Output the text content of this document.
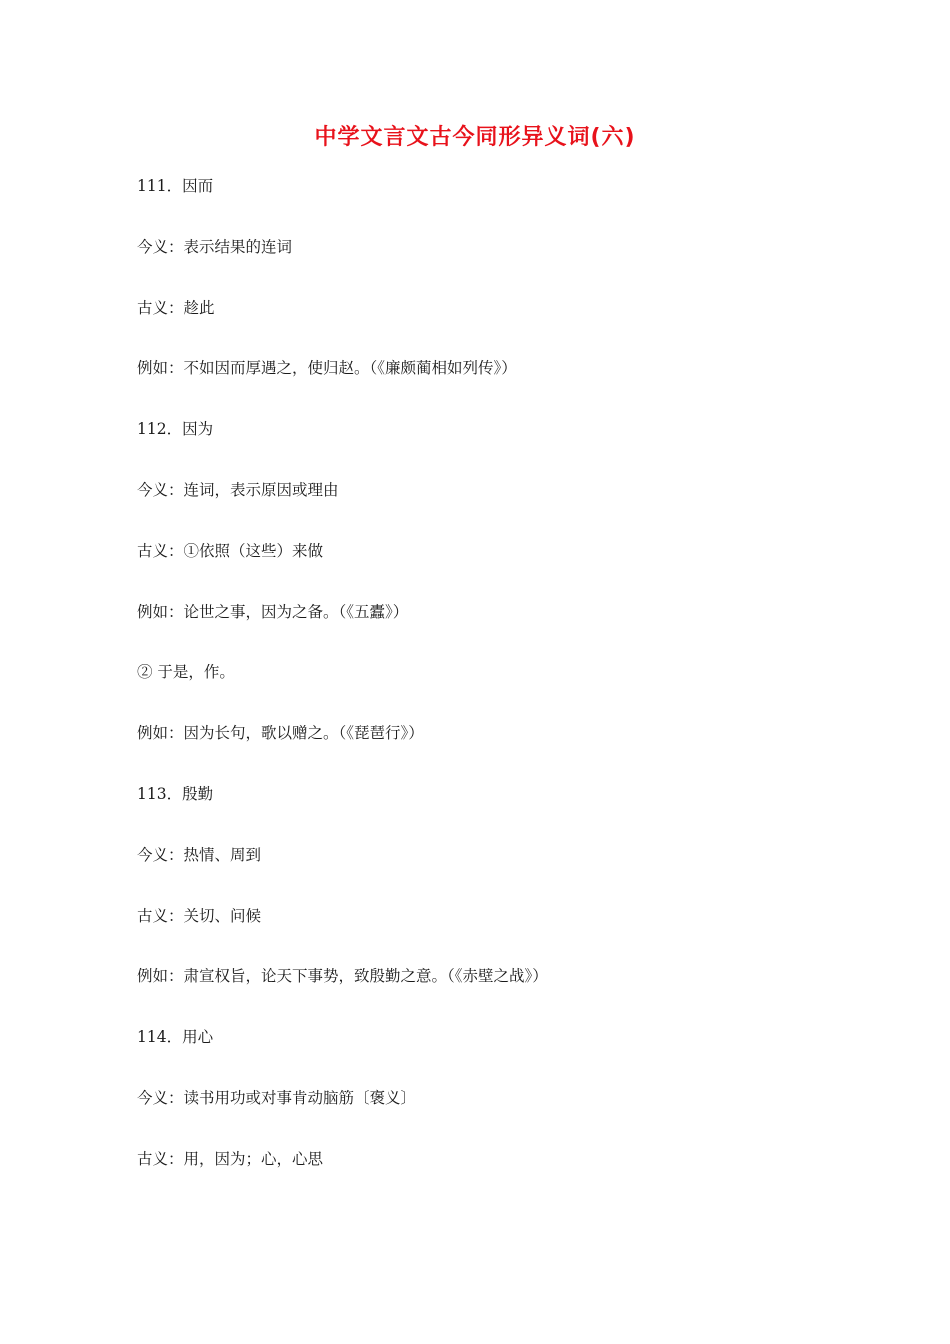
中学文言文古今同形异义词(六)

111．因而

今义：表示结果的连词

古义：趁此

例如：不如因而厚遇之，使归赵。（《廉颇蔺相如列传》）

112．因为

今义：连词，表示原因或理由

古义：①依照（这些）来做

例如：论世之事，因为之备。（《五蠹》）

② 于是，作。

例如：因为长句，歌以赠之。（《琵琶行》）

113．殷勤

今义：热情、周到

古义：关切、问候

例如：肃宣权旨，论天下事势，致殷勤之意。（《赤壁之战》）

114．用心

今义：读书用功或对事肯动脑筋〔褒义〕

古义：用，因为；心，心思
